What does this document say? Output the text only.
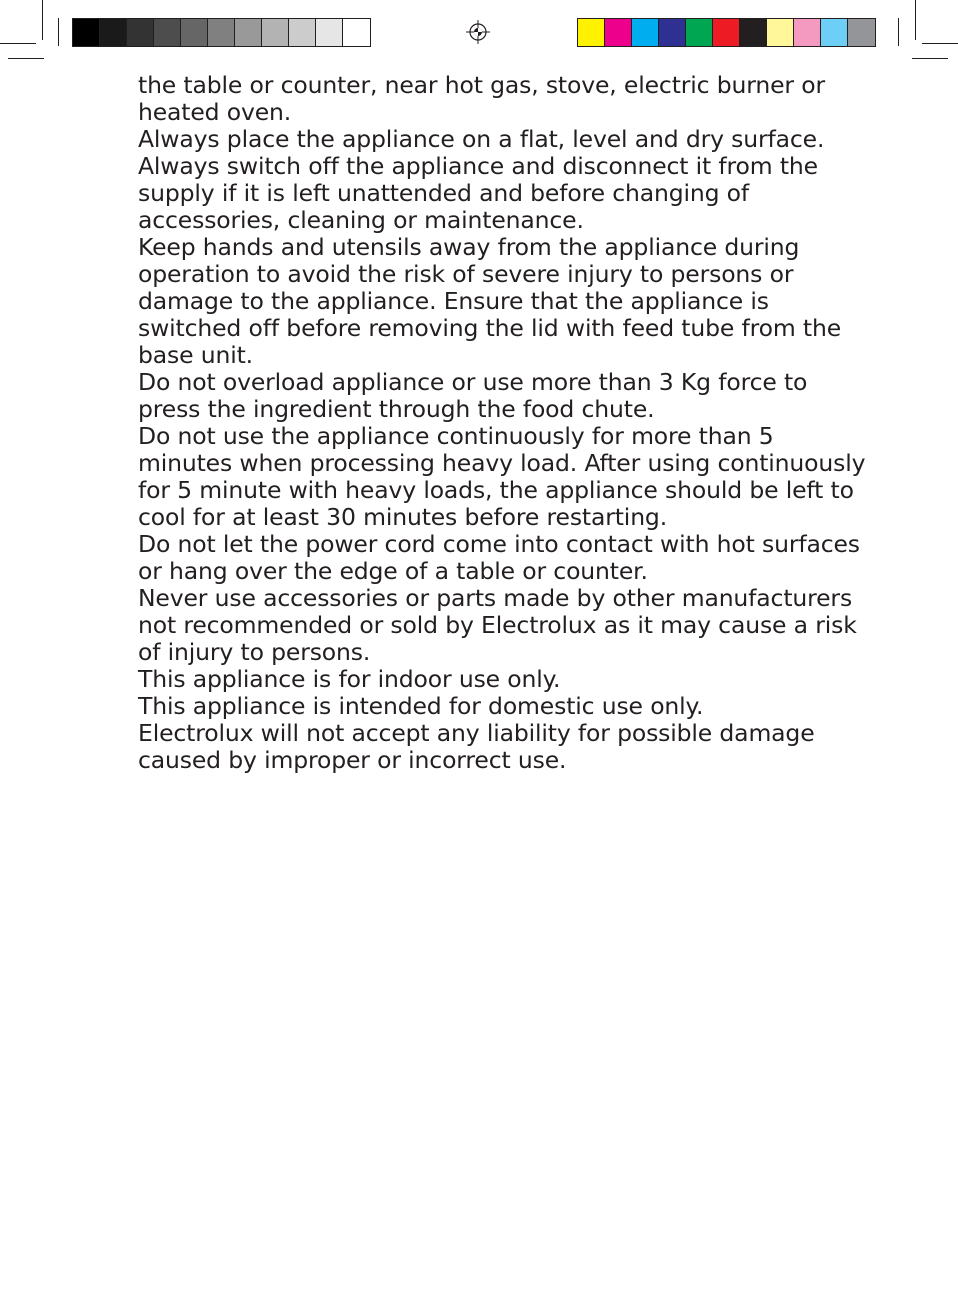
the table or counter, near hot gas, stove, electric burner or heated oven.

Always place the appliance on a flat, level and dry surface.

Always switch off the appliance and disconnect it from the supply if it is left unattended and before changing of accessories, cleaning or maintenance.

Keep hands and utensils away from the appliance during operation to avoid the risk of severe injury to persons or damage to the appliance. Ensure that the appliance is switched off before removing the lid with feed tube from the base unit.

Do not overload appliance or use more than 3 Kg force to press the ingredient through the food chute.

Do not use the appliance continuously for more than 5 minutes when processing heavy load. After using continuously for 5 minute with heavy loads, the appliance should be left to cool for at least 30 minutes before restarting.

Do not let the power cord come into contact with hot surfaces or hang over the edge of a table or counter.

Never use accessories or parts made by other manufacturers not recommended or sold by Electrolux as it may cause a risk of injury to persons.

This appliance is for indoor use only.

This appliance is intended for domestic use only.

Electrolux will not accept any liability for possible damage caused by improper or incorrect use.
